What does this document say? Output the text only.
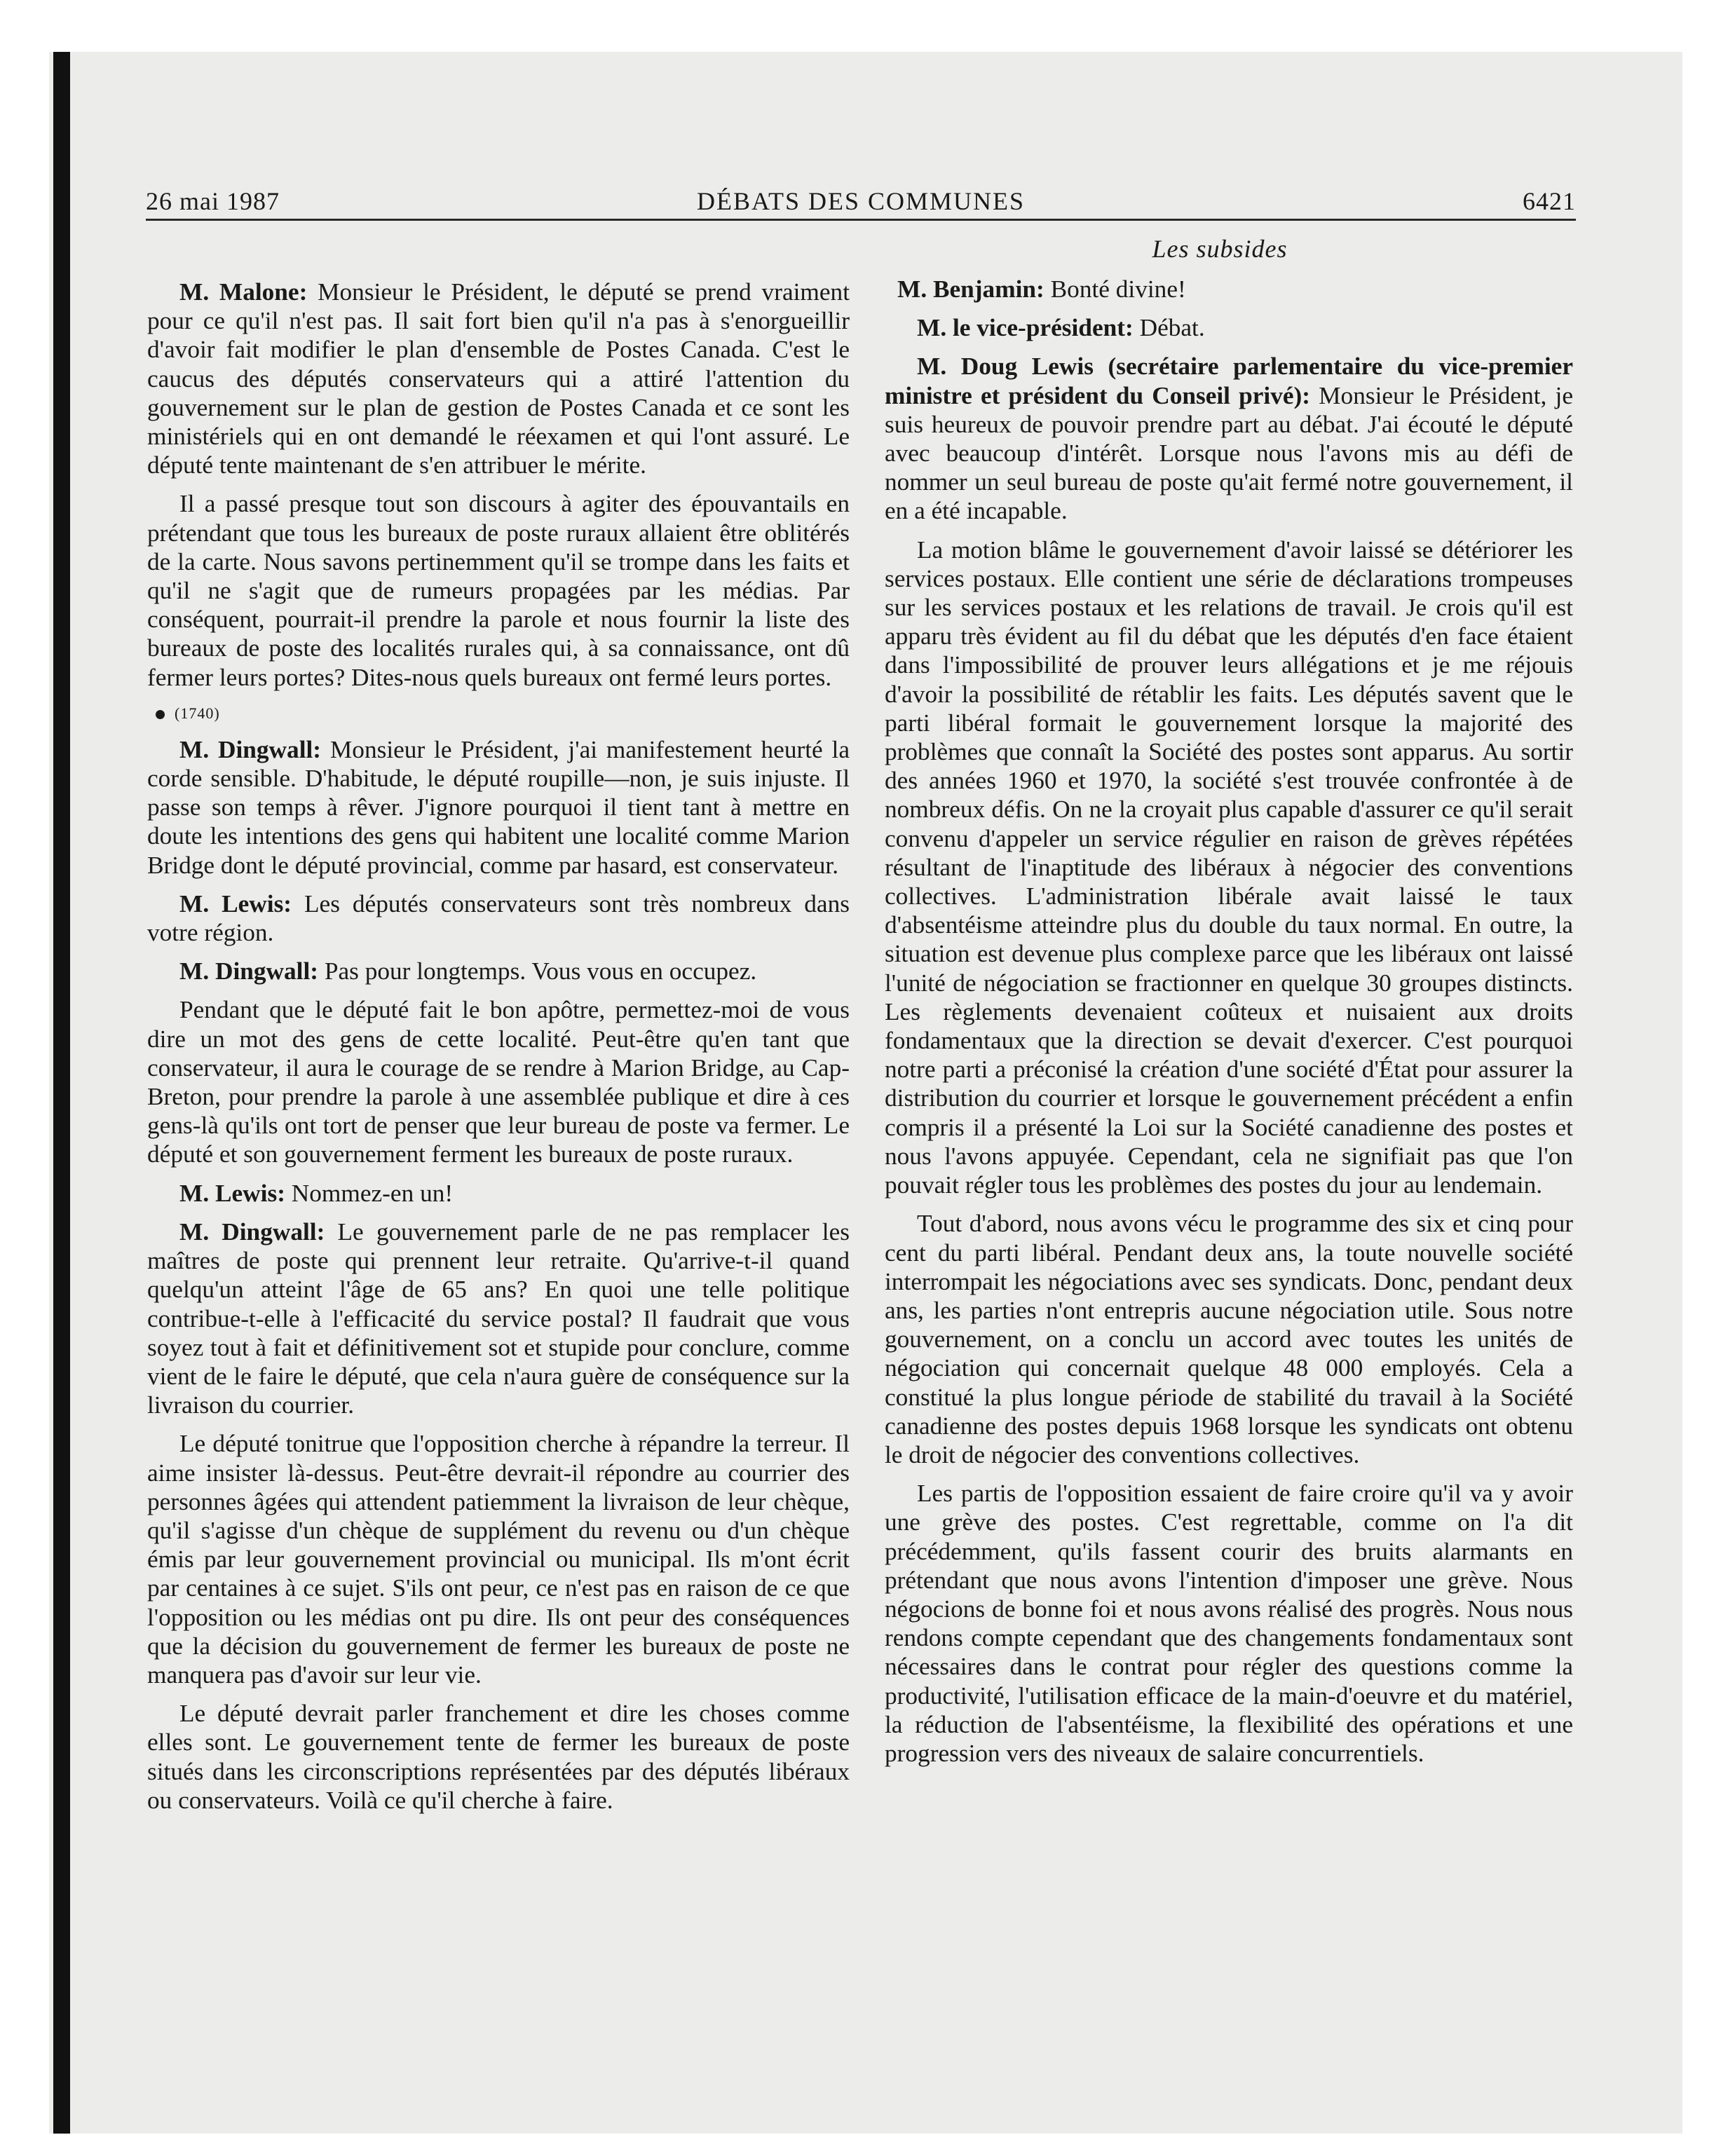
26 mai 1987	DÉBATS DES COMMUNES	6421
Les subsides

M. Malone: Monsieur le Président, le député se prend vraiment pour ce qu'il n'est pas. Il sait fort bien qu'il n'a pas à s'enorgueillir d'avoir fait modifier le plan d'ensemble de Postes Canada. C'est le caucus des députés conservateurs qui a attiré l'attention du gouvernement sur le plan de gestion de Postes Canada et ce sont les ministériels qui en ont demandé le réexamen et qui l'ont assuré. Le député tente maintenant de s'en attribuer le mérite.

Il a passé presque tout son discours à agiter des épouvantails en prétendant que tous les bureaux de poste ruraux allaient être oblitérés de la carte. Nous savons pertinemment qu'il se trompe dans les faits et qu'il ne s'agit que de rumeurs propagées par les médias. Par conséquent, pourrait-il prendre la parole et nous fournir la liste des bureaux de poste des localités rurales qui, à sa connaissance, ont dû fermer leurs portes? Dites-nous quels bureaux ont fermé leurs portes.

(1740)

M. Dingwall: Monsieur le Président, j'ai manifestement heurté la corde sensible. D'habitude, le député roupille—non, je suis injuste. Il passe son temps à rêver. J'ignore pourquoi il tient tant à mettre en doute les intentions des gens qui habitent une localité comme Marion Bridge dont le député provincial, comme par hasard, est conservateur.

M. Lewis: Les députés conservateurs sont très nombreux dans votre région.

M. Dingwall: Pas pour longtemps. Vous vous en occupez.

Pendant que le député fait le bon apôtre, permettez-moi de vous dire un mot des gens de cette localité. Peut-être qu'en tant que conservateur, il aura le courage de se rendre à Marion Bridge, au Cap-Breton, pour prendre la parole à une assemblée publique et dire à ces gens-là qu'ils ont tort de penser que leur bureau de poste va fermer. Le député et son gouvernement ferment les bureaux de poste ruraux.

M. Lewis: Nommez-en un!

M. Dingwall: Le gouvernement parle de ne pas remplacer les maîtres de poste qui prennent leur retraite. Qu'arrive-t-il quand quelqu'un atteint l'âge de 65 ans? En quoi une telle politique contribue-t-elle à l'efficacité du service postal? Il faudrait que vous soyez tout à fait et définitivement sot et stupide pour conclure, comme vient de le faire le député, que cela n'aura guère de conséquence sur la livraison du courrier.

Le député tonitrue que l'opposition cherche à répandre la terreur. Il aime insister là-dessus. Peut-être devrait-il répondre au courrier des personnes âgées qui attendent patiemment la livraison de leur chèque, qu'il s'agisse d'un chèque de supplément du revenu ou d'un chèque émis par leur gouvernement provincial ou municipal. Ils m'ont écrit par centaines à ce sujet. S'ils ont peur, ce n'est pas en raison de ce que l'opposition ou les médias ont pu dire. Ils ont peur des conséquences que la décision du gouvernement de fermer les bureaux de poste ne manquera pas d'avoir sur leur vie.

Le député devrait parler franchement et dire les choses comme elles sont. Le gouvernement tente de fermer les bureaux de poste situés dans les circonscriptions représentées par des députés libéraux ou conservateurs. Voilà ce qu'il cherche à faire.

M. Benjamin: Bonté divine!

M. le vice-président: Débat.

M. Doug Lewis (secrétaire parlementaire du vice-premier ministre et président du Conseil privé): Monsieur le Président, je suis heureux de pouvoir prendre part au débat. J'ai écouté le député avec beaucoup d'intérêt. Lorsque nous l'avons mis au défi de nommer un seul bureau de poste qu'ait fermé notre gouvernement, il en a été incapable.

La motion blâme le gouvernement d'avoir laissé se détériorer les services postaux. Elle contient une série de déclarations trompeuses sur les services postaux et les relations de travail. Je crois qu'il est apparu très évident au fil du débat que les députés d'en face étaient dans l'impossibilité de prouver leurs allégations et je me réjouis d'avoir la possibilité de rétablir les faits. Les députés savent que le parti libéral formait le gouvernement lorsque la majorité des problèmes que connaît la Société des postes sont apparus. Au sortir des années 1960 et 1970, la société s'est trouvée confrontée à de nombreux défis. On ne la croyait plus capable d'assurer ce qu'il serait convenu d'appeler un service régulier en raison de grèves répétées résultant de l'inaptitude des libéraux à négocier des conventions collectives. L'administration libérale avait laissé le taux d'absentéisme atteindre plus du double du taux normal. En outre, la situation est devenue plus complexe parce que les libéraux ont laissé l'unité de négociation se fractionner en quelque 30 groupes distincts. Les règlements devenaient coûteux et nuisaient aux droits fondamentaux que la direction se devait d'exercer. C'est pourquoi notre parti a préconisé la création d'une société d'État pour assurer la distribution du courrier et lorsque le gouvernement précédent a enfin compris il a présenté la Loi sur la Société canadienne des postes et nous l'avons appuyée. Cependant, cela ne signifiait pas que l'on pouvait régler tous les problèmes des postes du jour au lendemain.

Tout d'abord, nous avons vécu le programme des six et cinq pour cent du parti libéral. Pendant deux ans, la toute nouvelle société interrompait les négociations avec ses syndicats. Donc, pendant deux ans, les parties n'ont entrepris aucune négociation utile. Sous notre gouvernement, on a conclu un accord avec toutes les unités de négociation qui concernait quelque 48 000 employés. Cela a constitué la plus longue période de stabilité du travail à la Société canadienne des postes depuis 1968 lorsque les syndicats ont obtenu le droit de négocier des conventions collectives.

Les partis de l'opposition essaient de faire croire qu'il va y avoir une grève des postes. C'est regrettable, comme on l'a dit précédemment, qu'ils fassent courir des bruits alarmants en prétendant que nous avons l'intention d'imposer une grève. Nous négocions de bonne foi et nous avons réalisé des progrès. Nous nous rendons compte cependant que des changements fondamentaux sont nécessaires dans le contrat pour régler des questions comme la productivité, l'utilisation efficace de la main-d'oeuvre et du matériel, la réduction de l'absentéisme, la flexibilité des opérations et une progression vers des niveaux de salaire concurrentiels.
